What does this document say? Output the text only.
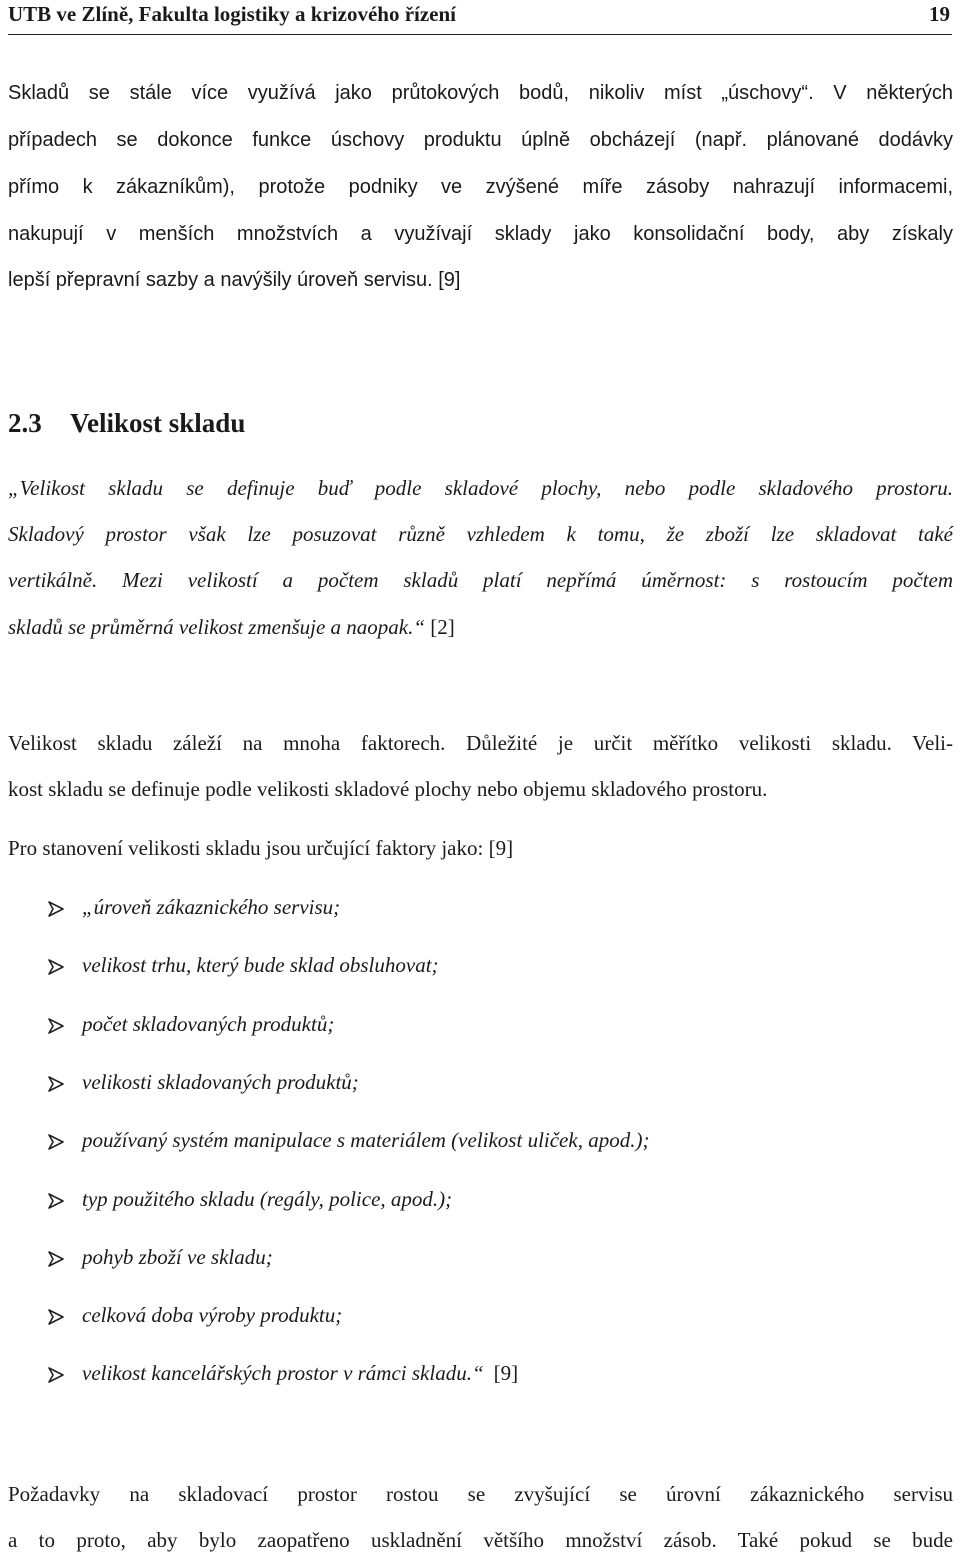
UTB ve Zlíně, Fakulta logistiky a krizového řízení	19
Skladů se stále více využívá jako průtokových bodů, nikoliv míst „úschovy“. V některých
případech se dokonce funkce úschovy produktu úplně obcházejí (např. plánované dodávky
přímo k zákazníkům), protože podniky ve zvýšené míře zásoby nahrazují informacemi,
nakupují v menších množstvích a využívají sklady jako konsolidační body, aby získaly
lepší přepravní sazby a navýšily úroveň servisu. [9]
2.3 Velikost skladu
„Velikost skladu se definuje buď podle skladové plochy, nebo podle skladového prostoru.
Skladový prostor však lze posuzovat různě vzhledem k tomu, že zboží lze skladovat také
vertikálně. Mezi velikostí a počtem skladů platí nepřímá úměrnost: s rostoucím počtem
skladů se průměrná velikost zmenšuje a naopak.“ [2]
Velikost skladu záleží na mnoha faktorech. Důležité je určit měřítko velikosti skladu. Veli-
kost skladu se definuje podle velikosti skladové plochy nebo objemu skladového prostoru.
Pro stanovení velikosti skladu jsou určující faktory jako: [9]
„úroveň zákaznického servisu;
velikost trhu, který bude sklad obsluhovat;
počet skladovaných produktů;
velikosti skladovaných produktů;
používaný systém manipulace s materiálem (velikost uliček, apod.);
typ použitého skladu (regály, police, apod.);
pohyb zboží ve skladu;
celková doba výroby produktu;
velikost kancelářských prostor v rámci skladu.“ [9]
Požadavky na skladovací prostor rostou se zvyšující se úrovní zákaznického servisu
a to proto, aby bylo zaopatřeno uskladnění většího množství zásob. Také pokud se bude
